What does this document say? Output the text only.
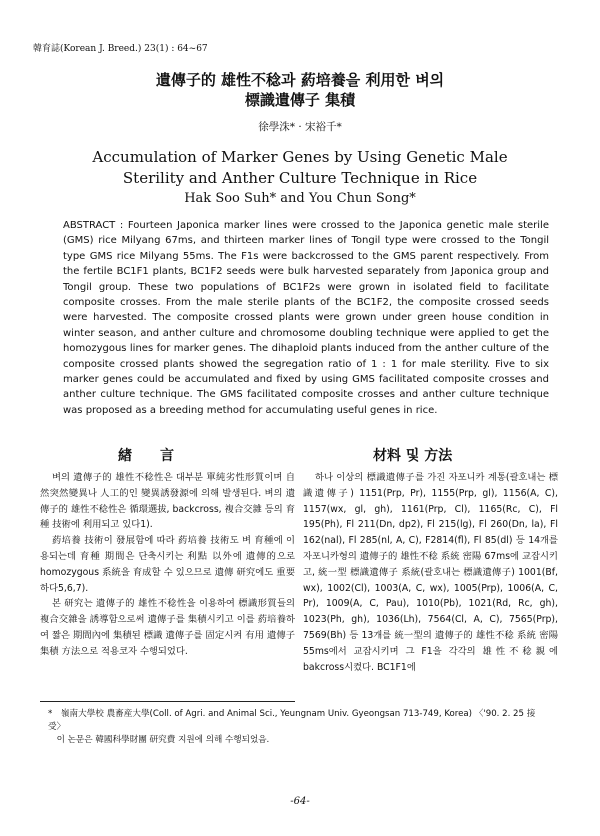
韓育誌(Korean J. Breed.) 23(1) : 64~67
遺傳子的 雄性不稔과 葯培養을 利用한 벼의
標識遺傳子 集積
徐學洙* · 宋裕千*
Accumulation of Marker Genes by Using Genetic Male Sterility and Anther Culture Technique in Rice
Hak Soo Suh* and You Chun Song*
ABSTRACT : Fourteen Japonica marker lines were crossed to the Japonica genetic male sterile (GMS) rice Milyang 67ms, and thirteen marker lines of Tongil type were crossed to the Tongil type GMS rice Milyang 55ms. The F1s were backcrossed to the GMS parent respectively. From the fertile BC1F1 plants, BC1F2 seeds were bulk harvested separately from Japonica group and Tongil group. These two populations of BC1F2s were grown in isolated field to facilitate composite crosses. From the male sterile plants of the BC1F2, the composite crossed seeds were harvested. The composite crossed plants were grown under green house condition in winter season, and anther culture and chromosome doubling technique were applied to get the homozygous lines for marker genes. The dihaploid plants induced from the anther culture of the composite crossed plants showed the segregation ratio of 1 : 1 for male sterility. Five to six marker genes could be accumulated and fixed by using GMS facilitated composite crosses and anther culture technique. The GMS facilitated composite crosses and anther culture technique was proposed as a breeding method for accumulating useful genes in rice.
緖　　言	材料 및 方法

벼의 遺傳子的 雄性不稔性은 대부분 單純劣性形質이며 自然突然變異나 人工的인 變異誘發源에 의해 발생된다. 벼의 遺傳子的 雄性不稔性은 循環選拔, backcross, 複合交雜 등의 育種 技術에 利用되고 있다1).

葯培養 技術이 發展함에 따라 葯培養 技術도 벼 育種에 이용되는데 育種 期間은 단축시키는 利點 以外에 遺傳的으로 homozygous 系統을 育成할 수 있으므로 遺傳 研究에도 重要하다5,6,7).

본 研究는 遺傳子的 雄性不稔性을 이용하여 標識形質들의 複合交雜을 誘導함으로써 遺傳子를 集積시키고 이를 葯培養하여 짧은 期間內에 集積된 標識 遺傳子를 固定시켜 有用 遺傳子 集積 方法으로 적용코자 수행되었다.

하나 이상의 標識遺傳子를 가진 자포니카 계통(괄호내는 標識遺傳子) 1151(Prp, Pr), 1155(Prp, gl), 1156(A, C), 1157(wx, gl, gh), 1161(Prp, Cl), 1165(Rc, C), Fl 195(Ph), Fl 211(Dn, dp2), Fl 215(lg), Fl 260(Dn, la), Fl 162(nal), Fl 285(nl, A, C), F2814(fl), Fl 85(dl) 등 14개를 자포니카형의 遺傳子的 雄性不稔 系統 密陽 67ms에 교잡시키고, 統一型 標識遺傳子 系統(괄호내는 標識遺傳子) 1001(Bf, wx), 1002(Cl), 1003(A, C, wx), 1005(Prp), 1006(A, C, Pr), 1009(A, C, Pau), 1010(Pb), 1021(Rd, Rc, gh), 1023(Ph, gh), 1036(Lh), 7564(Cl, A, C), 7565(Prp), 7569(Bh) 등 13개를 統一型의 遺傳子的 雄性不稔 系統 密陽 55ms에서 교잡시키며 그 F1을 각각의 雄性不稔親에 bakcross시켰다. BC1F1에

*　嶺南大學校 農畜産大學(Coll. of Agri. and Animal Sci., Yeungnam Univ. Gyeongsan 713-749, Korea) 〈'90. 2. 25 接受〉
　이 논문은 韓國科學財團 研究費 지원에 의해 수행되었음.
-64-
